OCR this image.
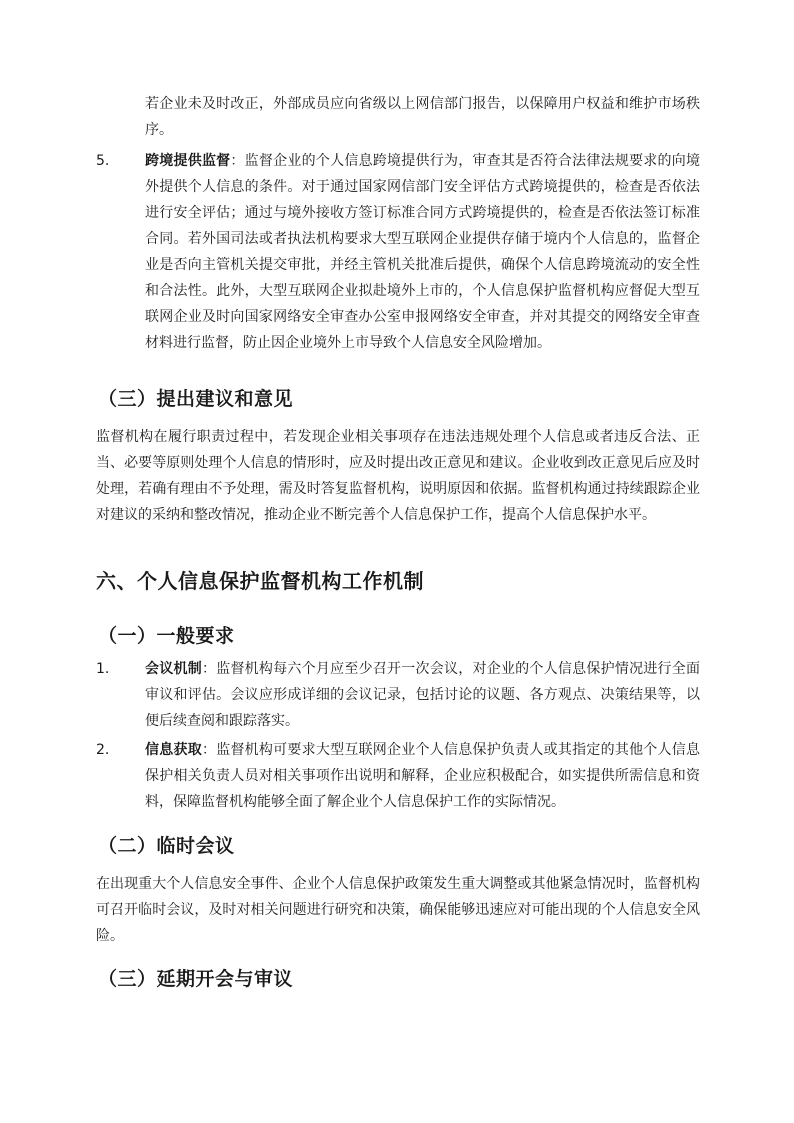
若企业未及时改正，外部成员应向省级以上网信部门报告，以保障用户权益和维护市场秩序。
5.	跨境提供监督：监督企业的个人信息跨境提供行为，审查其是否符合法律法规要求的向境外提供个人信息的条件。对于通过国家网信部门安全评估方式跨境提供的，检查是否依法进行安全评估；通过与境外接收方签订标准合同方式跨境提供的，检查是否依法签订标准合同。若外国司法或者执法机构要求大型互联网企业提供存储于境内个人信息的，监督企业是否向主管机关提交审批，并经主管机关批准后提供，确保个人信息跨境流动的安全性和合法性。此外，大型互联网企业拟赴境外上市的，个人信息保护监督机构应督促大型互联网企业及时向国家网络安全审查办公室申报网络安全审查，并对其提交的网络安全审查材料进行监督，防止因企业境外上市导致个人信息安全风险增加。
（三）提出建议和意见
监督机构在履行职责过程中，若发现企业相关事项存在违法违规处理个人信息或者违反合法、正当、必要等原则处理个人信息的情形时，应及时提出改正意见和建议。企业收到改正意见后应及时处理，若确有理由不予处理，需及时答复监督机构，说明原因和依据。监督机构通过持续跟踪企业对建议的采纳和整改情况，推动企业不断完善个人信息保护工作，提高个人信息保护水平。
六、个人信息保护监督机构工作机制
（一）一般要求
1.	会议机制：监督机构每六个月应至少召开一次会议，对企业的个人信息保护情况进行全面审议和评估。会议应形成详细的会议记录，包括讨论的议题、各方观点、决策结果等，以便后续查阅和跟踪落实。
2.	信息获取：监督机构可要求大型互联网企业个人信息保护负责人或其指定的其他个人信息保护相关负责人员对相关事项作出说明和解释，企业应积极配合，如实提供所需信息和资料，保障监督机构能够全面了解企业个人信息保护工作的实际情况。
（二）临时会议
在出现重大个人信息安全事件、企业个人信息保护政策发生重大调整或其他紧急情况时，监督机构可召开临时会议，及时对相关问题进行研究和决策，确保能够迅速应对可能出现的个人信息安全风险。
（三）延期开会与审议
